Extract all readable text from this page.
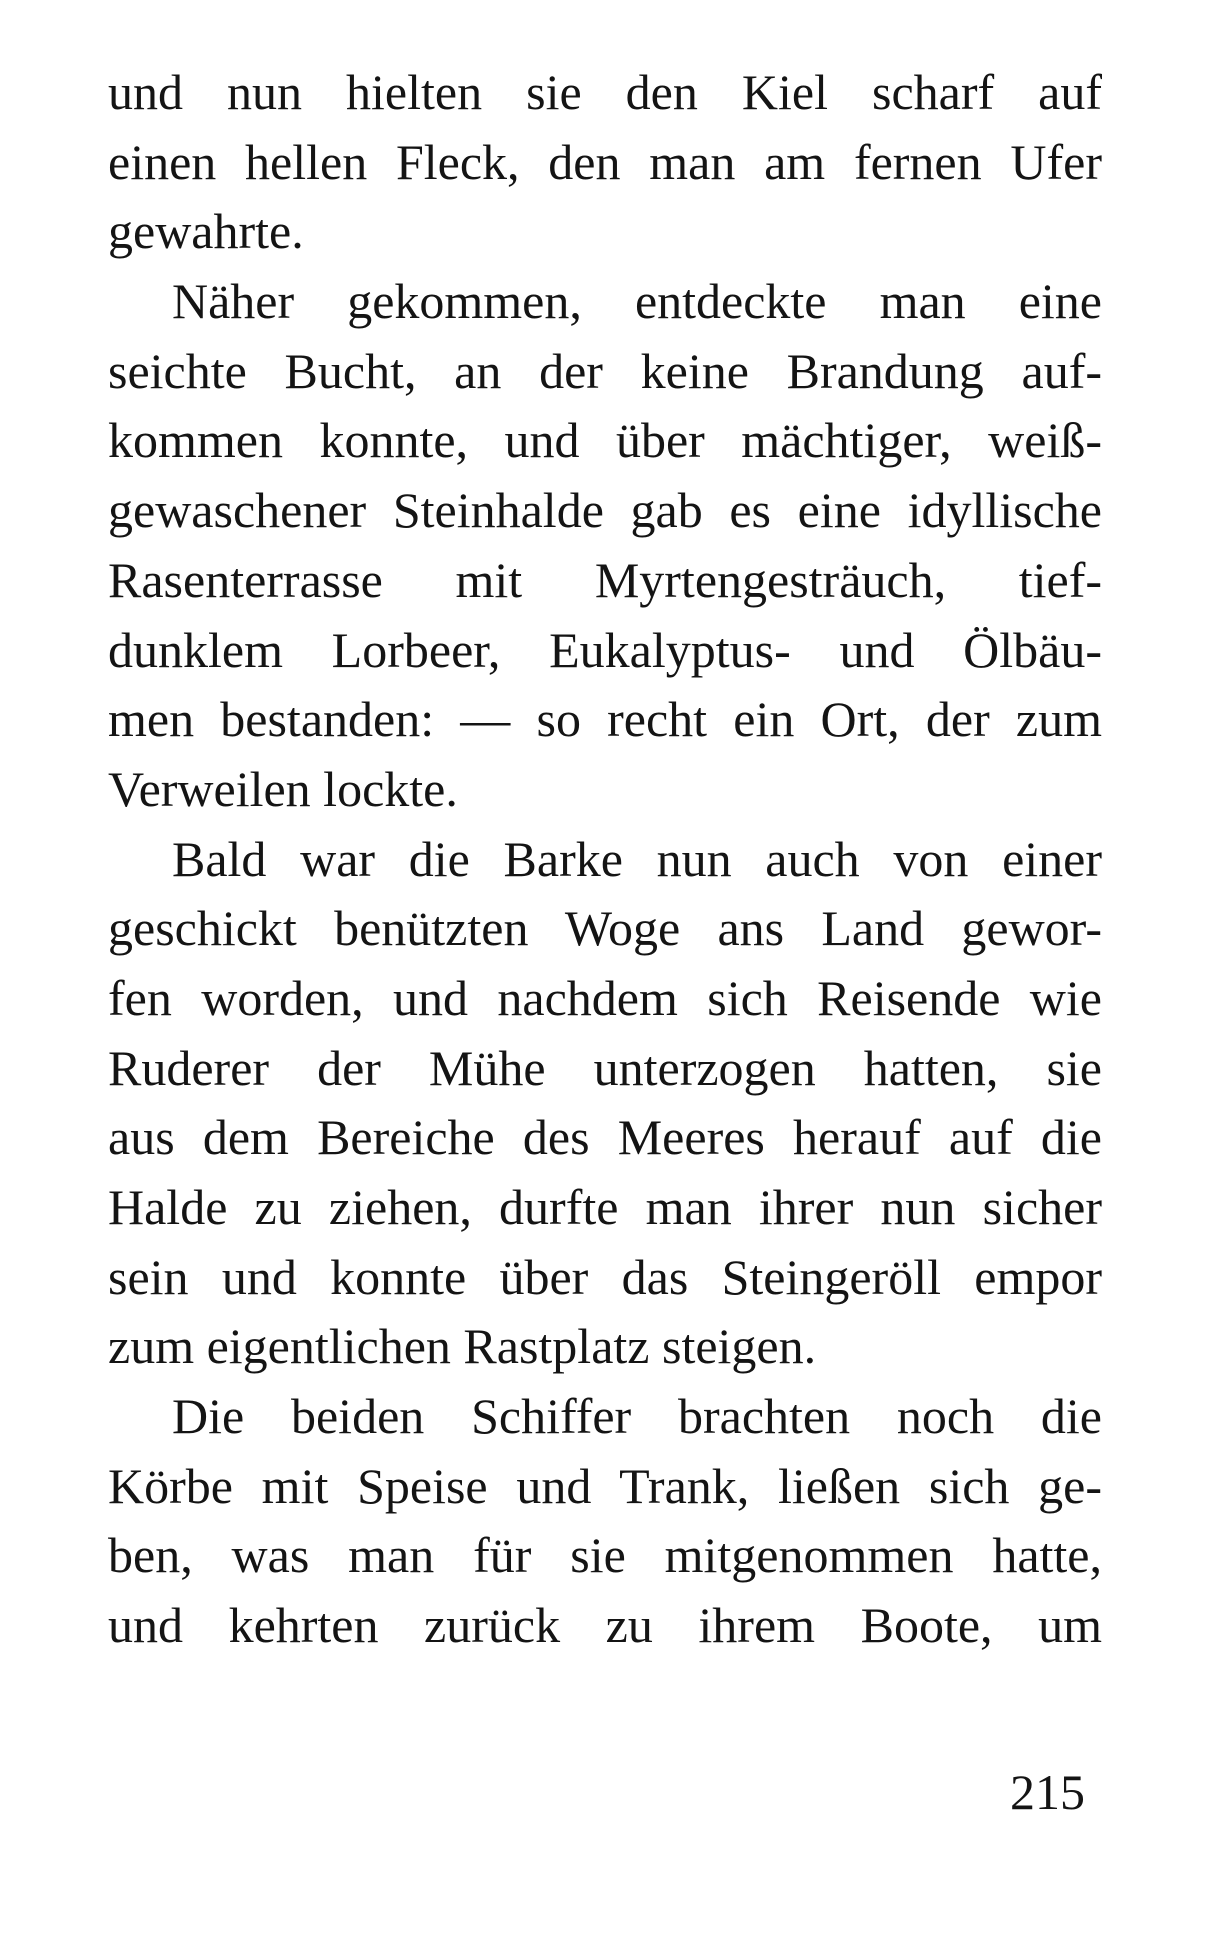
und nun hielten sie den Kiel scharf auf
einen hellen Fleck, den man am fernen Ufer
gewahrte.
Näher gekommen, entdeckte man eine
seichte Bucht, an der keine Brandung auf-
kommen konnte, und über mächtiger, weiß-
gewaschener Steinhalde gab es eine idyllische
Rasenterrasse mit Myrtengesträuch, tief-
dunklem Lorbeer, Eukalyptus- und Ölbäu-
men bestanden: — so recht ein Ort, der zum
Verweilen lockte.
Bald war die Barke nun auch von einer
geschickt benützten Woge ans Land gewor-
fen worden, und nachdem sich Reisende wie
Ruderer der Mühe unterzogen hatten, sie
aus dem Bereiche des Meeres herauf auf die
Halde zu ziehen, durfte man ihrer nun sicher
sein und konnte über das Steingeröll empor
zum eigentlichen Rastplatz steigen.
Die beiden Schiffer brachten noch die
Körbe mit Speise und Trank, ließen sich ge-
ben, was man für sie mitgenommen hatte,
und kehrten zurück zu ihrem Boote, um
215
